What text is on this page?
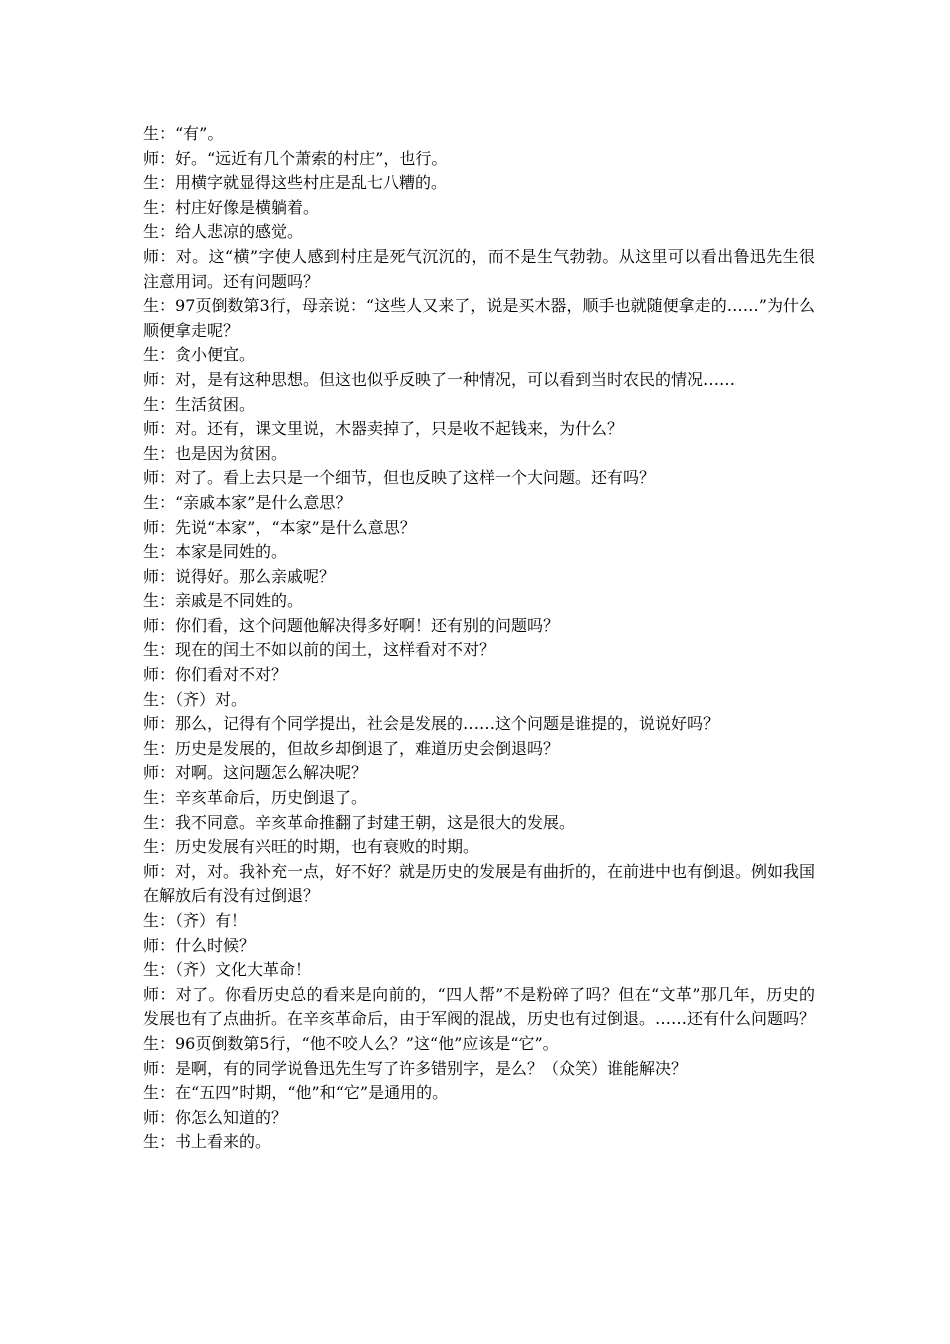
生：“有”。

师：好。“远近有几个萧索的村庄”，也行。

生：用横字就显得这些村庄是乱七八糟的。

生：村庄好像是横躺着。

生：给人悲凉的感觉。

师：对。这“横”字使人感到村庄是死气沉沉的，而不是生气勃勃。从这里可以看出鲁迅先生很注意用词。还有问题吗？

生：97页倒数第3行，母亲说：“这些人又来了，说是买木器，顺手也就随便拿走的……”为什么顺便拿走呢？

生：贪小便宜。

师：对，是有这种思想。但这也似乎反映了一种情况，可以看到当时农民的情况……

生：生活贫困。

师：对。还有，课文里说，木器卖掉了，只是收不起钱来，为什么？

生：也是因为贫困。

师：对了。看上去只是一个细节，但也反映了这样一个大问题。还有吗？

生：“亲戚本家”是什么意思？

师：先说“本家”，“本家”是什么意思？

生：本家是同姓的。

师：说得好。那么亲戚呢？

生：亲戚是不同姓的。

师：你们看，这个问题他解决得多好啊！还有别的问题吗？

生：现在的闰土不如以前的闰土，这样看对不对？

师：你们看对不对？

生：（齐）对。

师：那么，记得有个同学提出，社会是发展的……这个问题是谁提的，说说好吗？

生：历史是发展的，但故乡却倒退了，难道历史会倒退吗？

师：对啊。这问题怎么解决呢？

生：辛亥革命后，历史倒退了。

生：我不同意。辛亥革命推翻了封建王朝，这是很大的发展。

生：历史发展有兴旺的时期，也有衰败的时期。

师：对，对。我补充一点，好不好？就是历史的发展是有曲折的，在前进中也有倒退。例如我国在解放后有没有过倒退？

生：（齐）有！

师：什么时候？

生：（齐）文化大革命！

师：对了。你看历史总的看来是向前的，“四人帮”不是粉碎了吗？但在“文革”那几年，历史的发展也有了点曲折。在辛亥革命后，由于军阀的混战，历史也有过倒退。……还有什么问题吗？

生：96页倒数第5行，“他不咬人么？”这“他”应该是“它”。

师：是啊，有的同学说鲁迅先生写了许多错别字，是么？（众笑）谁能解决？

生：在“五四”时期，“他”和“它”是通用的。

师：你怎么知道的？

生：书上看来的。
